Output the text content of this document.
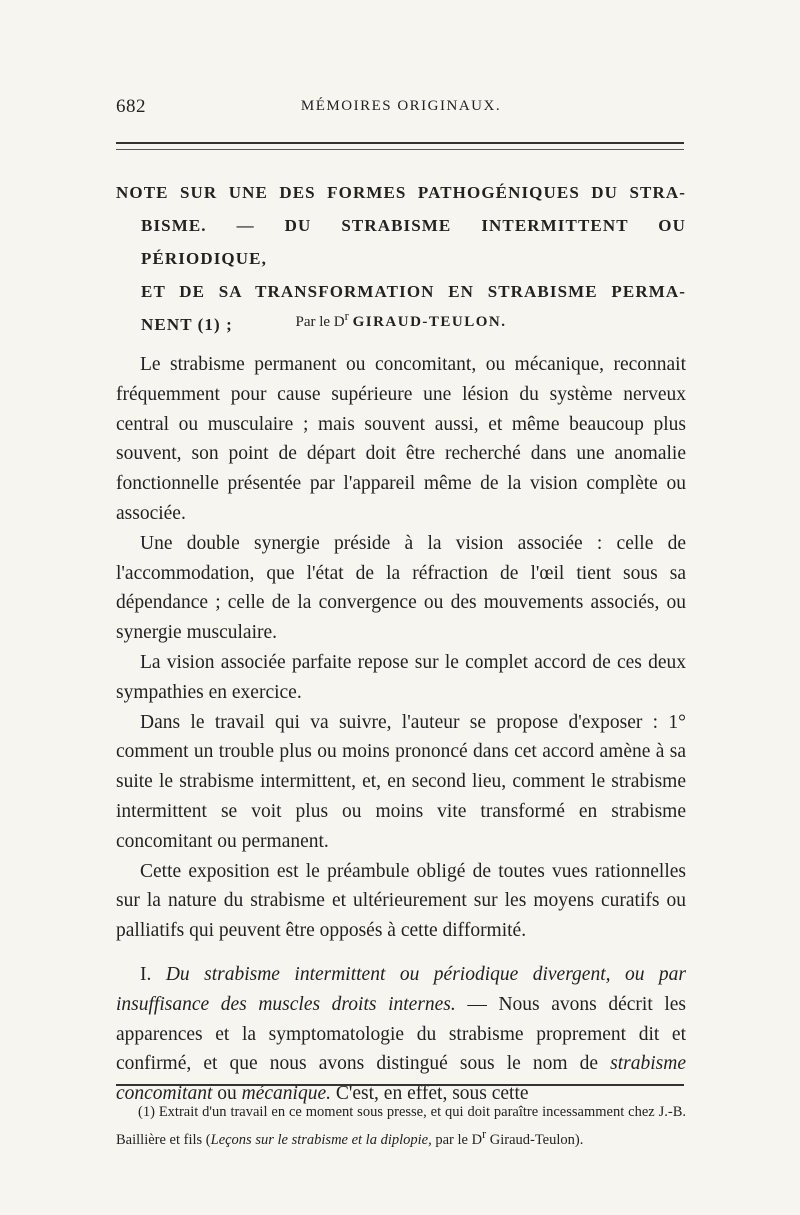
682	MÉMOIRES ORIGINAUX.
NOTE SUR UNE DES FORMES PATHOGÉNIQUES DU STRA-
BISME. — DU STRABISME INTERMITTENT OU PÉRIODIQUE,
ET DE SA TRANSFORMATION EN STRABISME PERMA-
NENT (1) ;	Par le $D^r$ GIRAUD-TEULON.

Le strabisme permanent ou concomitant, ou mécanique, reconnait fréquemment pour cause supérieure une lésion du système nerveux central ou musculaire ; mais souvent aussi, et même beaucoup plus souvent, son point de départ doit être recherché dans une anomalie fonctionnelle présentée par l'appareil même de la vision complète ou associée.

Une double synergie préside à la vision associée : celle de l'accommodation, que l'état de la réfraction de l'œil tient sous sa dépendance ; celle de la convergence ou des mouvements associés, ou synergie musculaire.

La vision associée parfaite repose sur le complet accord de ces deux sympathies en exercice.

Dans le travail qui va suivre, l'auteur se propose d'exposer : 1° comment un trouble plus ou moins prononcé dans cet accord amène à sa suite le strabisme intermittent, et, en second lieu, comment le strabisme intermittent se voit plus ou moins vite transformé en strabisme concomitant ou permanent.

Cette exposition est le préambule obligé de toutes vues rationnelles sur la nature du strabisme et ultérieurement sur les moyens curatifs ou palliatifs qui peuvent être opposés à cette difformité.

I. Du strabisme intermittent ou périodique divergent, ou par insuffisance des muscles droits internes. — Nous avons décrit les apparences et la symptomatologie du strabisme proprement dit et confirmé, et que nous avons distingué sous le nom de strabisme concomitant ou mécanique. C'est, en effet, sous cette

(1) Extrait d'un travail en ce moment sous presse, et qui doit paraître incessamment chez J.-B. Baillière et fils (Leçons sur le strabisme et la diplopie, par le $D^r$ Giraud-Teulon).
